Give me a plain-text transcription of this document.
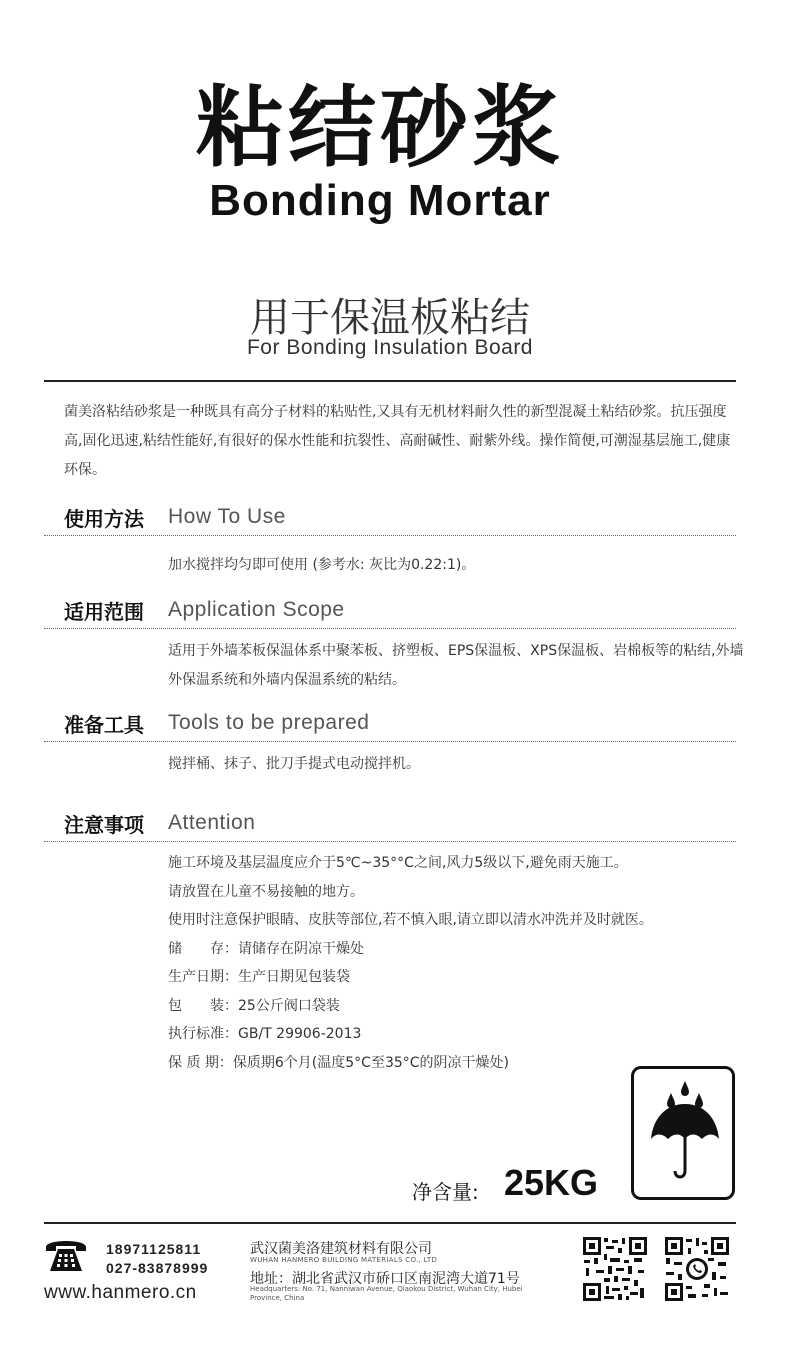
粘结砂浆
Bonding Mortar
用于保温板粘结
For Bonding Insulation Board
菌美洛粘结砂浆是一种既具有高分子材料的粘贴性,又具有无机材料耐久性的新型混凝土粘结砂浆。抗压强度高,固化迅速,粘结性能好,有很好的保水性能和抗裂性、高耐碱性、耐紫外线。操作简便,可潮湿基层施工,健康环保。
使用方法 How To Use
加水搅拌均匀即可使用 (参考水: 灰比为0.22:1)。
适用范围 Application Scope
适用于外墙苯板保温体系中聚苯板、挤塑板、EPS保温板、XPS保温板、岩棉板等的粘结,外墙外保温系统和外墙内保温系统的粘结。
准备工具 Tools to be prepared
搅拌桶、抹子、批刀手提式电动搅拌机。
注意事项 Attention
施工环境及基层温度应介于5℃~35°°C之间,风力5级以下,避免雨天施工。
请放置在儿童不易接触的地方。
使用时注意保护眼睛、皮肤等部位,若不慎入眼,请立即以清水冲洗并及时就医。
储　　存：请储存在阴凉干燥处
生产日期：生产日期见包装袋
包　　装：25公斤阀口袋装
执行标准：GB/T 29906-2013
保 质 期：保质期6个月(温度5°C至35°C的阴凉干燥处)
净含量: 25KG
18971125811
027-83878999
www.hanmero.cn
武汉菌美洛建筑材料有限公司
WUHAN HANMERO BUILDING MATERIALS CO., LTD
地址：湖北省武汉市硚口区南泥湾大道71号
Headquarters: No. 71, Nanniwan Avenue, Qiaokou District, Wuhan City, Hubei Province, China
